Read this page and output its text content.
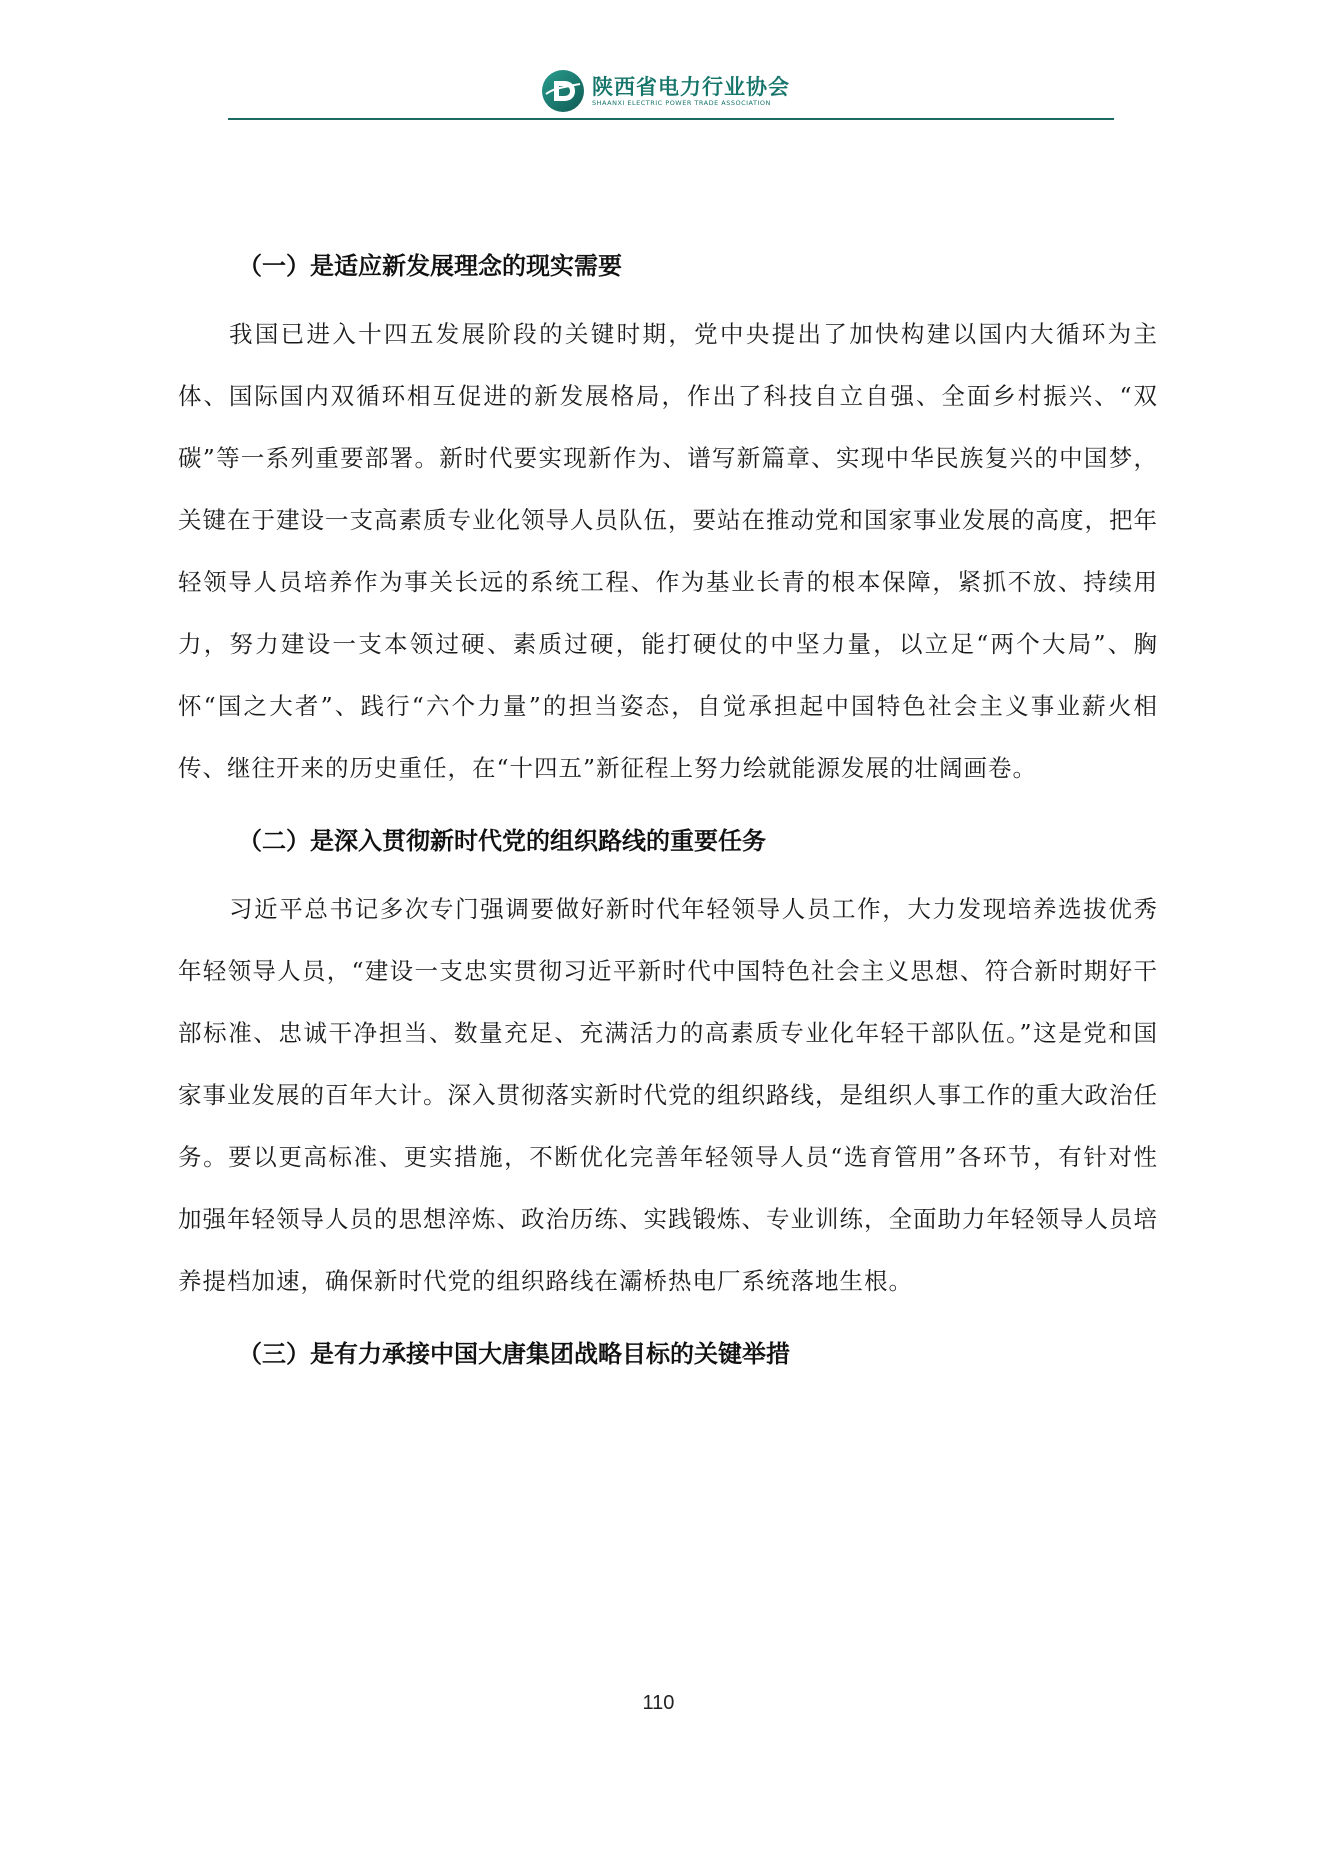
陕西省电力行业协会
SHAANXI ELECTRIC POWER TRADE ASSOCIATION
（一）是适应新发展理念的现实需要

我国已进入十四五发展阶段的关键时期，党中央提出了加快构建以国内大循环为主体、国际国内双循环相互促进的新发展格局，作出了科技自立自强、全面乡村振兴、“双碳”等一系列重要部署。新时代要实现新作为、谱写新篇章、实现中华民族复兴的中国梦，关键在于建设一支高素质专业化领导人员队伍，要站在推动党和国家事业发展的高度，把年轻领导人员培养作为事关长远的系统工程、作为基业长青的根本保障，紧抓不放、持续用力，努力建设一支本领过硬、素质过硬，能打硬仗的中坚力量，以立足“两个大局”、胸怀“国之大者”、践行“六个力量”的担当姿态，自觉承担起中国特色社会主义事业薪火相传、继往开来的历史重任，在“十四五”新征程上努力绘就能源发展的壮阔画卷。

（二）是深入贯彻新时代党的组织路线的重要任务

习近平总书记多次专门强调要做好新时代年轻领导人员工作，大力发现培养选拔优秀年轻领导人员，“建设一支忠实贯彻习近平新时代中国特色社会主义思想、符合新时期好干部标准、忠诚干净担当、数量充足、充满活力的高素质专业化年轻干部队伍。”这是党和国家事业发展的百年大计。深入贯彻落实新时代党的组织路线，是组织人事工作的重大政治任务。要以更高标准、更实措施，不断优化完善年轻领导人员“选育管用”各环节，有针对性加强年轻领导人员的思想淬炼、政治历练、实践锻炼、专业训练，全面助力年轻领导人员培养提档加速，确保新时代党的组织路线在灞桥热电厂系统落地生根。

（三）是有力承接中国大唐集团战略目标的关键举措
110
